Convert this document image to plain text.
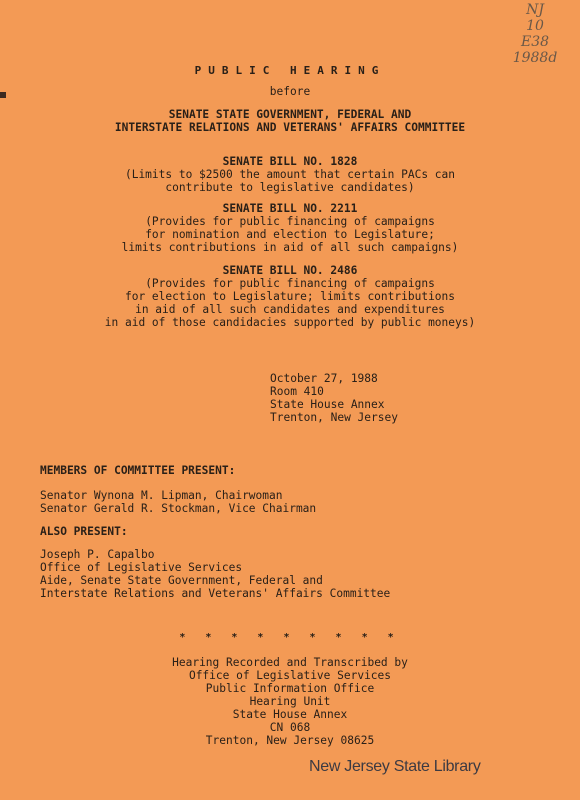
NJ
10
E38
1988d
PUBLIC HEARING
before
SENATE STATE GOVERNMENT, FEDERAL AND
INTERSTATE RELATIONS AND VETERANS' AFFAIRS COMMITTEE
SENATE BILL NO. 1828
(Limits to $2500 the amount that certain PACs can
contribute to legislative candidates)
SENATE BILL NO. 2211
(Provides for public financing of campaigns
for nomination and election to Legislature;
limits contributions in aid of all such campaigns)
SENATE BILL NO. 2486
(Provides for public financing of campaigns
for election to Legislature; limits contributions
in aid of all such candidates and expenditures
in aid of those candidacies supported by public moneys)
October 27, 1988
Room 410
State House Annex
Trenton, New Jersey
MEMBERS OF COMMITTEE PRESENT:
Senator Wynona M. Lipman, Chairwoman
Senator Gerald R. Stockman, Vice Chairman
ALSO PRESENT:
Joseph P. Capalbo
Office of Legislative Services
Aide, Senate State Government, Federal and
Interstate Relations and Veterans' Affairs Committee
* * * * * * * * *
Hearing Recorded and Transcribed by
Office of Legislative Services
Public Information Office
Hearing Unit
State House Annex
CN 068
Trenton, New Jersey 08625
New Jersey State Library
